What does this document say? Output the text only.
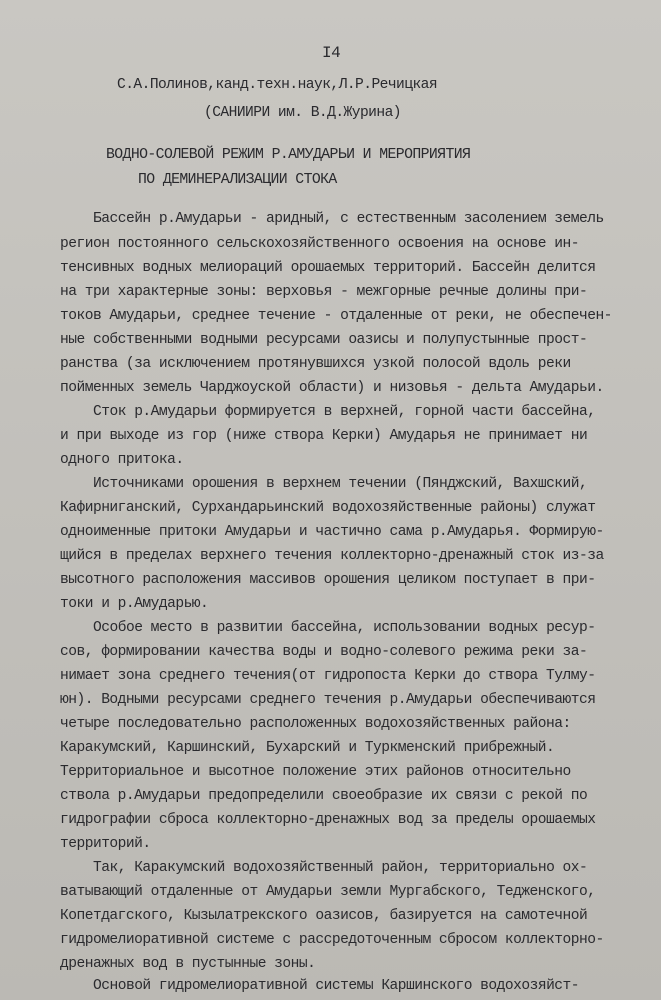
I4
С.А.Полинов,канд.техн.наук,Л.Р.Речицкая
(САНИИРИ им. В.Д.Журина)
ВОДНО-СОЛЕВОЙ РЕЖИМ Р.АМУДАРЬИ И МЕРОПРИЯТИЯ
ПО ДЕМИНЕРАЛИЗАЦИИ СТОКА
Бассейн р.Амударьи - аридный, с естественным засолением земель
регион постоянного сельскохозяйственного освоения на основе ин-
тенсивных водных мелиораций орошаемых территорий. Бассейн делится
на три характерные зоны: верховья - межгорные речные долины при-
токов Амударьи, среднее течение - отдаленные от реки, не обеспечен-
ные собственными водными ресурсами оазисы и полупустынные прост-
ранства (за исключением протянувшихся узкой полосой вдоль реки
пойменных земель Чарджоуской области) и низовья - дельта Амударьи.
Сток р.Амударьи формируется в верхней, горной части бассейна,
и при выходе из гор (ниже створа Керки) Амударья не принимает ни
одного притока.
Источниками орошения в верхнем течении (Пянджский, Вахшский,
Кафирниганский, Сурхандарьинский водохозяйственные районы) служат
одноименные притоки Амударьи и частично сама р.Амударья. Формирую-
щийся в пределах верхнего течения коллекторно-дренажный сток из-за
высотного расположения массивов орошения целиком поступает в при-
токи и р.Амударью.
Особое место в развитии бассейна, использовании водных ресур-
сов, формировании качества воды и водно-солевого режима реки за-
нимает зона среднего течения(от гидропоста Керки до створа Тулму-
юн). Водными ресурсами среднего течения р.Амударьи обеспечиваются
четыре последовательно расположенных водохозяйственных района:
Каракумский, Каршинский, Бухарский и Туркменский прибрежный.
Территориальное и высотное положение этих районов относительно
ствола р.Амударьи предопределили своеобразие их связи с рекой по
гидрографии сброса коллекторно-дренажных вод за пределы орошаемых
территорий.
Так, Каракумский водохозяйственный район, территориально ох-
ватывающий отдаленные от Амударьи земли Мургабского, Теджeнского,
Копетдагского, Кызылатрекского оазисов, базируется на самотечной
гидромелиоративной системе с рассредоточенным сбросом коллекторно-
дренажных вод в пустынные зоны.
Основой гидромелиоративной системы Каршинского водохозяйст-
